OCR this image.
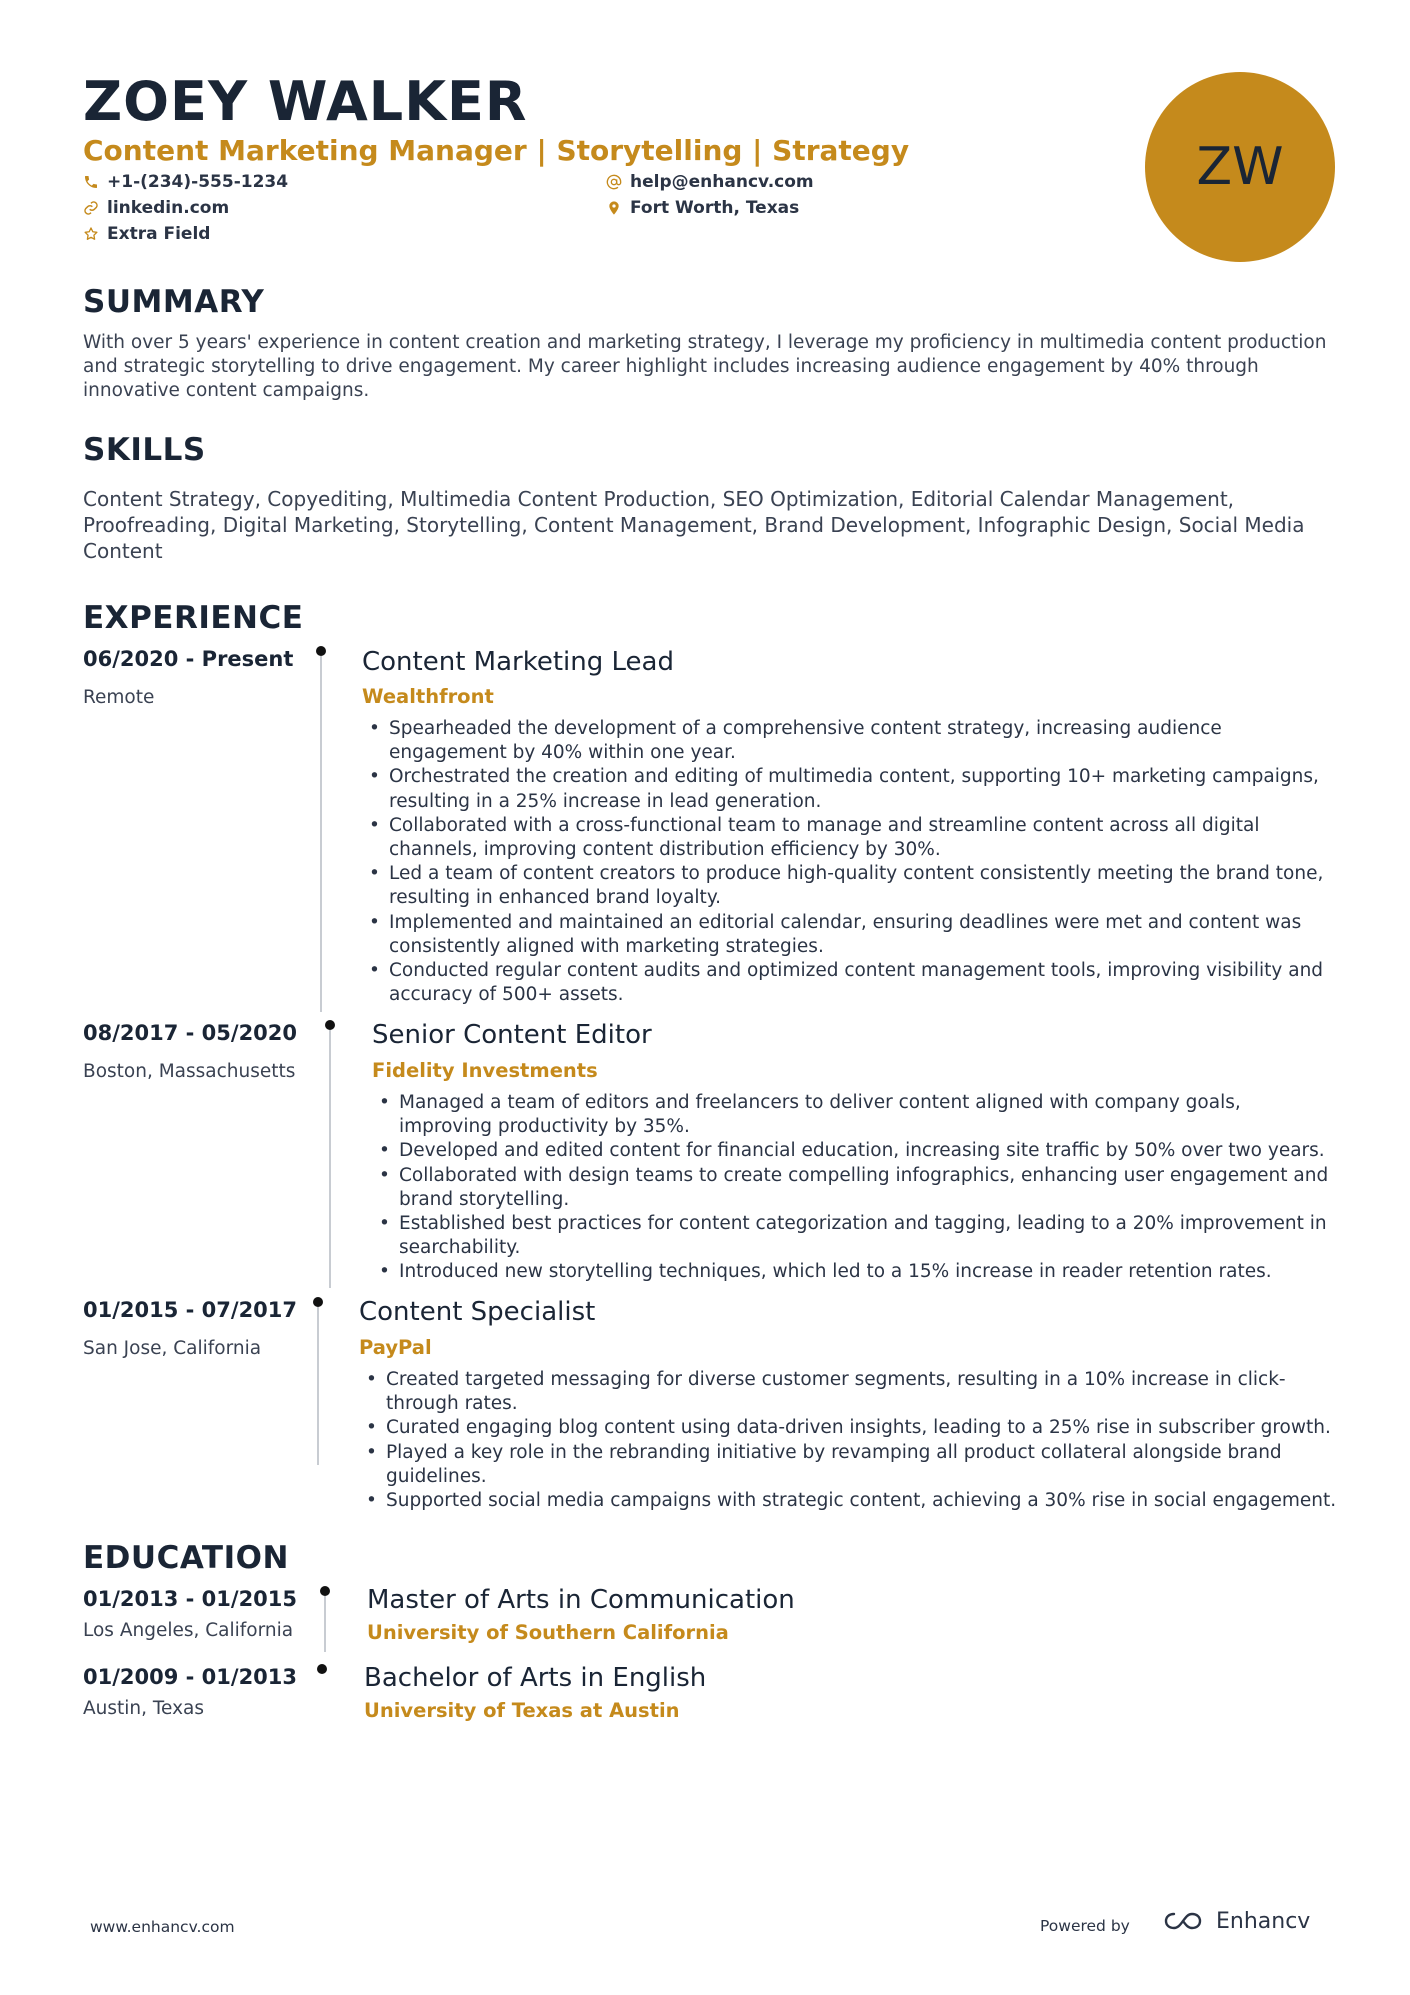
ZOEY WALKER
Content Marketing Manager | Storytelling | Strategy
+1-(234)-555-1234	help@enhancv.com
linkedin.com	Fort Worth, Texas
Extra Field
ZW
SUMMARY
With over 5 years' experience in content creation and marketing strategy, I leverage my proficiency in multimedia content production and strategic storytelling to drive engagement. My career highlight includes increasing audience engagement by 40% through innovative content campaigns.
SKILLS
Content Strategy, Copyediting, Multimedia Content Production, SEO Optimization, Editorial Calendar Management, Proofreading, Digital Marketing, Storytelling, Content Management, Brand Development, Infographic Design, Social Media Content
EXPERIENCE
06/2020 - Present
Remote
Content Marketing Lead
Wealthfront
• Spearheaded the development of a comprehensive content strategy, increasing audience engagement by 40% within one year.
• Orchestrated the creation and editing of multimedia content, supporting 10+ marketing campaigns, resulting in a 25% increase in lead generation.
• Collaborated with a cross-functional team to manage and streamline content across all digital channels, improving content distribution efficiency by 30%.
• Led a team of content creators to produce high-quality content consistently meeting the brand tone, resulting in enhanced brand loyalty.
• Implemented and maintained an editorial calendar, ensuring deadlines were met and content was consistently aligned with marketing strategies.
• Conducted regular content audits and optimized content management tools, improving visibility and accuracy of 500+ assets.
08/2017 - 05/2020
Boston, Massachusetts
Senior Content Editor
Fidelity Investments
• Managed a team of editors and freelancers to deliver content aligned with company goals, improving productivity by 35%.
• Developed and edited content for financial education, increasing site traffic by 50% over two years.
• Collaborated with design teams to create compelling infographics, enhancing user engagement and brand storytelling.
• Established best practices for content categorization and tagging, leading to a 20% improvement in searchability.
• Introduced new storytelling techniques, which led to a 15% increase in reader retention rates.
01/2015 - 07/2017
San Jose, California
Content Specialist
PayPal
• Created targeted messaging for diverse customer segments, resulting in a 10% increase in click-through rates.
• Curated engaging blog content using data-driven insights, leading to a 25% rise in subscriber growth.
• Played a key role in the rebranding initiative by revamping all product collateral alongside brand guidelines.
• Supported social media campaigns with strategic content, achieving a 30% rise in social engagement.
EDUCATION
01/2013 - 01/2015
Los Angeles, California
Master of Arts in Communication
University of Southern California
01/2009 - 01/2013
Austin, Texas
Bachelor of Arts in English
University of Texas at Austin
www.enhancv.com	Powered by	Enhancv
